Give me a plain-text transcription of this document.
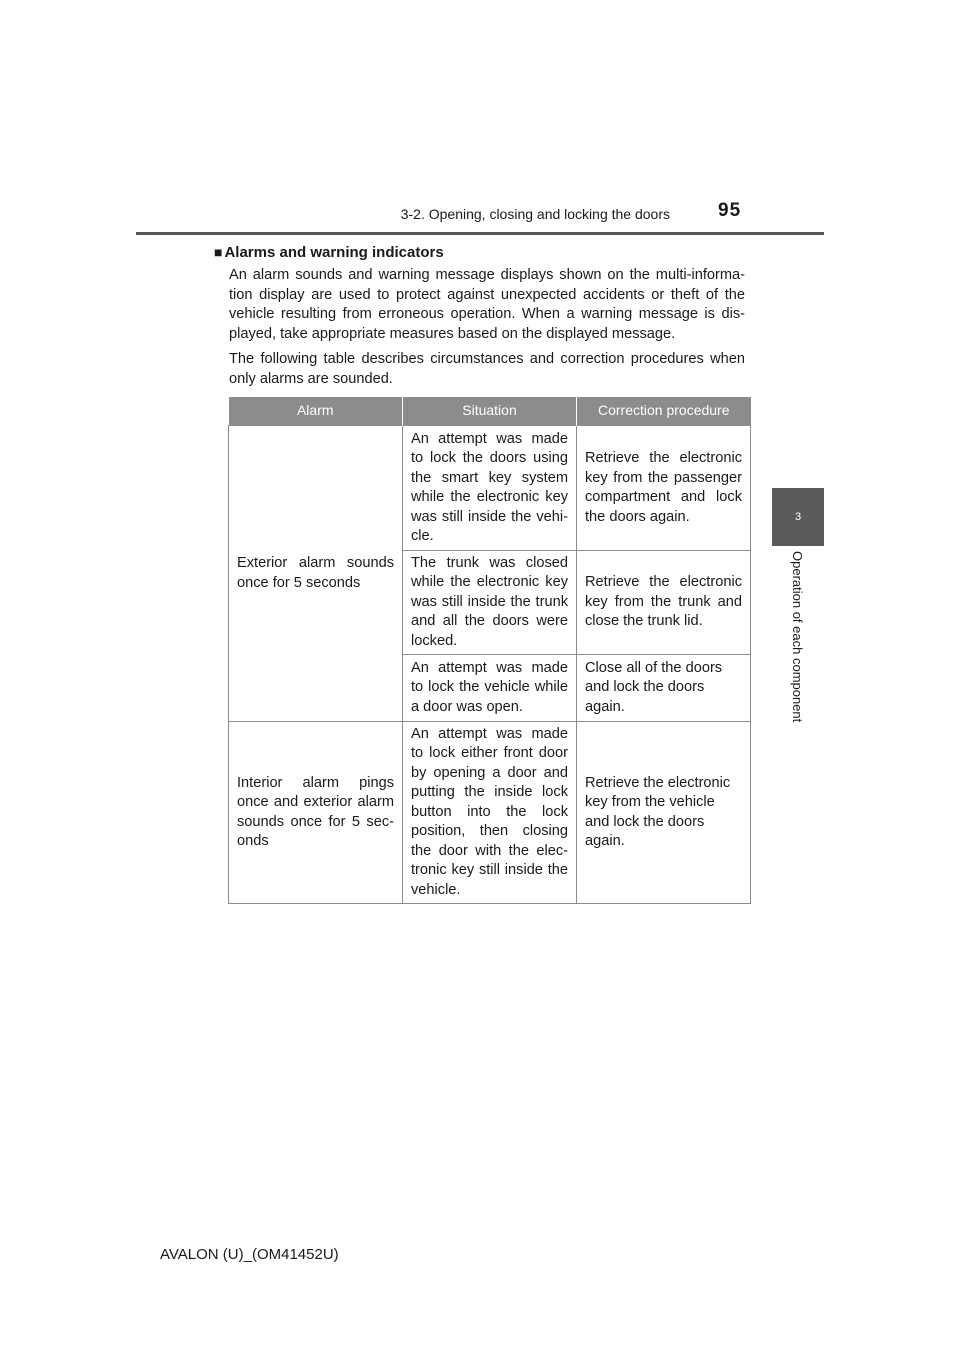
3-2. Opening, closing and locking the doors	95
3
Operation of each component
■ Alarms and warning indicators
An alarm sounds and warning message displays shown on the multi-informa-tion display are used to protect against unexpected accidents or theft of the vehicle resulting from erroneous operation. When a warning message is dis-played, take appropriate measures based on the displayed message.
The following table describes circumstances and correction procedures when only alarms are sounded.
Alarm	Situation	Correction procedure
Exterior alarm sounds once for 5 seconds	An attempt was made to lock the doors using the smart key system while the electronic key was still inside the vehi-cle.	Retrieve the electronic key from the passenger compartment and lock the doors again.
	The trunk was closed while the electronic key was still inside the trunk and all the doors were locked.	Retrieve the electronic key from the trunk and close the trunk lid.
	An attempt was made to lock the vehicle while a door was open.	Close all of the doors and lock the doors again.
Interior alarm pings once and exterior alarm sounds once for 5 sec-onds	An attempt was made to lock either front door by opening a door and putting the inside lock button into the lock position, then closing the door with the elec-tronic key still inside the vehicle.	Retrieve the electronic key from the vehicle and lock the doors again.
AVALON (U)_(OM41452U)
